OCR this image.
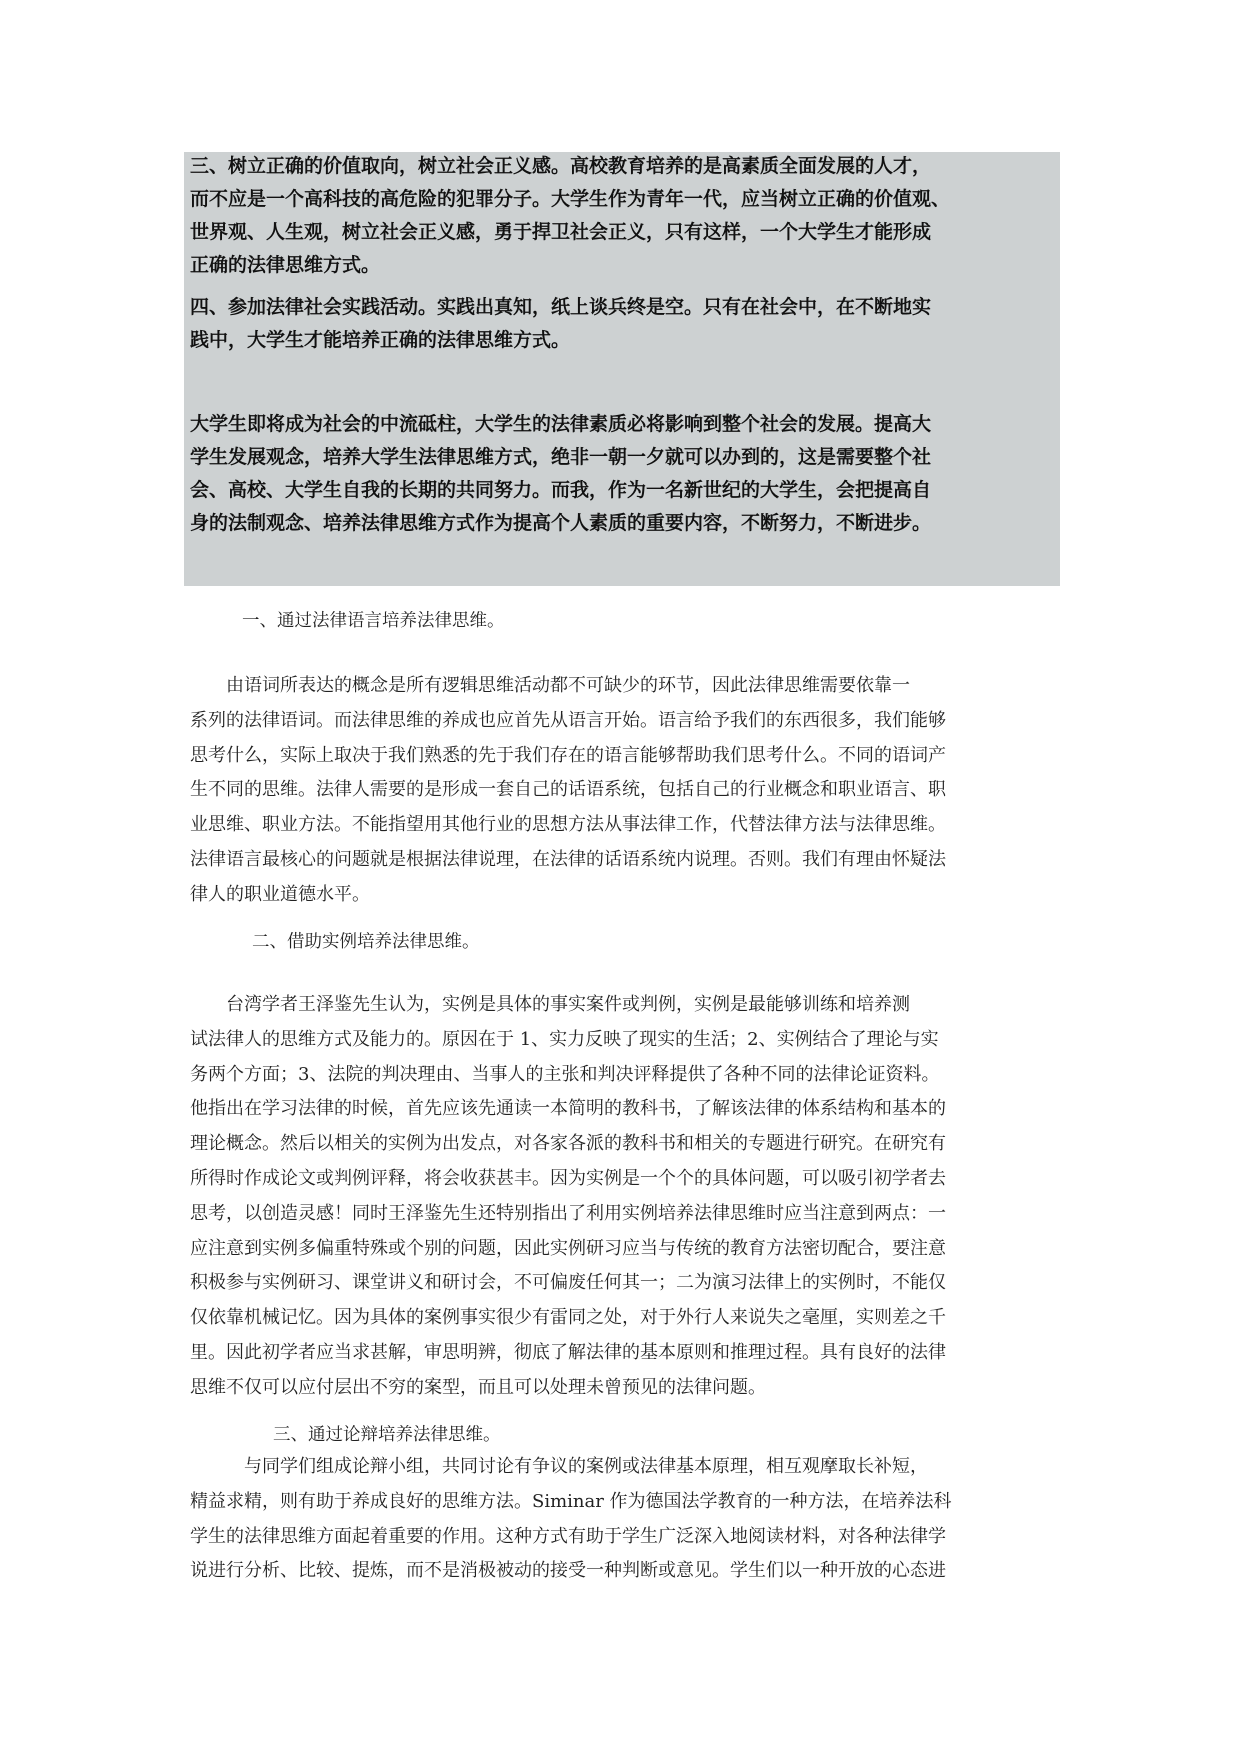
三、树立正确的价值取向，树立社会正义感。高校教育培养的是高素质全面发展的人才，
而不应是一个高科技的高危险的犯罪分子。大学生作为青年一代，应当树立正确的价值观、
世界观、人生观，树立社会正义感，勇于捍卫社会正义，只有这样，一个大学生才能形成
正确的法律思维方式。
四、参加法律社会实践活动。实践出真知，纸上谈兵终是空。只有在社会中，在不断地实
践中，大学生才能培养正确的法律思维方式。
大学生即将成为社会的中流砥柱，大学生的法律素质必将影响到整个社会的发展。提高大
学生发展观念，培养大学生法律思维方式，绝非一朝一夕就可以办到的，这是需要整个社
会、高校、大学生自我的长期的共同努力。而我，作为一名新世纪的大学生，会把提高自
身的法制观念、培养法律思维方式作为提高个人素质的重要内容，不断努力，不断进步。
一、通过法律语言培养法律思维。
　　由语词所表达的概念是所有逻辑思维活动都不可缺少的环节，因此法律思维需要依靠一
系列的法律语词。而法律思维的养成也应首先从语言开始。语言给予我们的东西很多，我们能够
思考什么，实际上取决于我们熟悉的先于我们存在的语言能够帮助我们思考什么。不同的语词产
生不同的思维。法律人需要的是形成一套自己的话语系统，包括自己的行业概念和职业语言、职
业思维、职业方法。不能指望用其他行业的思想方法从事法律工作，代替法律方法与法律思维。
法律语言最核心的问题就是根据法律说理，在法律的话语系统内说理。否则。我们有理由怀疑法
律人的职业道德水平。
二、借助实例培养法律思维。
　　台湾学者王泽鉴先生认为，实例是具体的事实案件或判例，实例是最能够训练和培养测
试法律人的思维方式及能力的。原因在于 1、实力反映了现实的生活；2、实例结合了理论与实
务两个方面；3、法院的判决理由、当事人的主张和判决评释提供了各种不同的法律论证资料。
他指出在学习法律的时候，首先应该先通读一本简明的教科书，了解该法律的体系结构和基本的
理论概念。然后以相关的实例为出发点，对各家各派的教科书和相关的专题进行研究。在研究有
所得时作成论文或判例评释，将会收获甚丰。因为实例是一个个的具体问题，可以吸引初学者去
思考，以创造灵感！同时王泽鉴先生还特别指出了利用实例培养法律思维时应当注意到两点：一
应注意到实例多偏重特殊或个别的问题，因此实例研习应当与传统的教育方法密切配合，要注意
积极参与实例研习、课堂讲义和研讨会，不可偏废任何其一；二为演习法律上的实例时，不能仅
仅依靠机械记忆。因为具体的案例事实很少有雷同之处，对于外行人来说失之毫厘，实则差之千
里。因此初学者应当求甚解，审思明辨，彻底了解法律的基本原则和推理过程。具有良好的法律
思维不仅可以应付层出不穷的案型，而且可以处理未曾预见的法律问题。
三、通过论辩培养法律思维。
　　　与同学们组成论辩小组，共同讨论有争议的案例或法律基本原理，相互观摩取长补短，
精益求精，则有助于养成良好的思维方法。Siminar 作为德国法学教育的一种方法，在培养法科
学生的法律思维方面起着重要的作用。这种方式有助于学生广泛深入地阅读材料，对各种法律学
说进行分析、比较、提炼，而不是消极被动的接受一种判断或意见。学生们以一种开放的心态进
